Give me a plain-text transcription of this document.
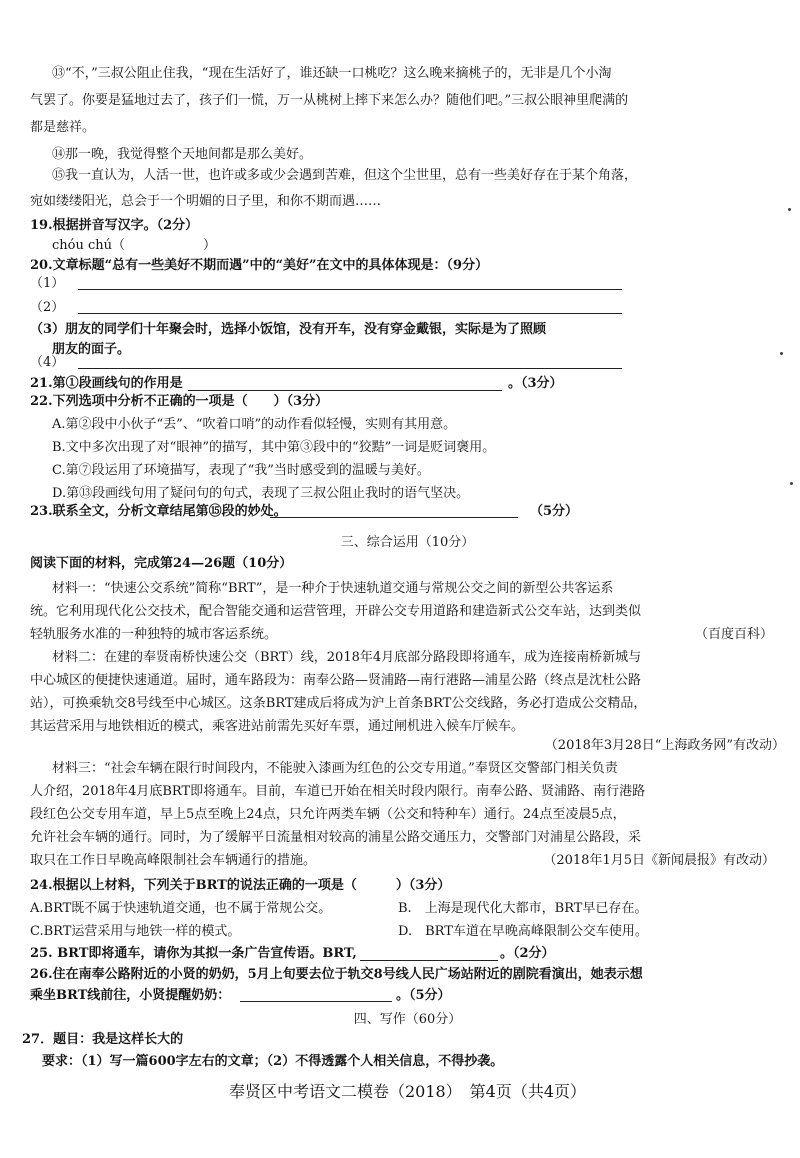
⑬“不，”三叔公阻止住我，“现在生活好了，谁还缺一口桃吃？这么晚来摘桃子的，无非是几个小淘
气罢了。你要是猛地过去了，孩子们一慌，万一从桃树上摔下来怎么办？随他们吧。”三叔公眼神里爬满的
都是慈祥。
⑭那一晚，我觉得整个天地间都是那么美好。
⑮我一直认为，人活一世，也许或多或少会遇到苦难，但这个尘世里，总有一些美好存在于某个角落，
宛如缕缕阳光，总会于一个明媚的日子里，和你不期而遇……
19.根据拼音写汉字。（2分）
chóu chú（　　　　　　）
20.文章标题“总有一些美好不期而遇”中的“美好”在文中的具体体现是：（9分）
（1）
（2）
（3）朋友的同学们十年聚会时，选择小饭馆，没有开车，没有穿金戴银，实际是为了照顾
朋友的面子。
（4）
21.第①段画线句的作用是	。（3分）
22.下列选项中分析不正确的一项是（　　）（3分）
A.第②段中小伙子“丢”、“吹着口哨”的动作看似轻慢，实则有其用意。
B.文中多次出现了对“眼神”的描写，其中第③段中的“狡黠”一词是贬词褒用。
C.第⑦段运用了环境描写，表现了“我”当时感受到的温暖与美好。
D.第⑬段画线句用了疑问句的句式，表现了三叔公阻止我时的语气坚决。
23.联系全文，分析文章结尾第⑮段的妙处。	（5分）
三、综合运用（10分）
阅读下面的材料，完成第24—26题（10分）
材料一：“快速公交系统”简称“BRT”，是一种介于快速轨道交通与常规公交之间的新型公共客运系
统。它利用现代化公交技术，配合智能交通和运营管理，开辟公交专用道路和建造新式公交车站，达到类似
轻轨服务水准的一种独特的城市客运系统。	（百度百科）
材料二：在建的奉贤南桥快速公交（BRT）线，2018年4月底部分路段即将通车，成为连接南桥新城与
中心城区的便捷快速通道。届时，通车路段为：南奉公路—贤浦路—南行港路—浦星公路（终点是沈杜公路
站），可换乘轨交8号线至中心城区。这条BRT建成后将成为沪上首条BRT公交线路，务必打造成公交精品，
其运营采用与地铁相近的模式，乘客进站前需先买好车票，通过闸机进入候车厅候车。
（2018年3月28日“上海政务网”有改动）
材料三：“社会车辆在限行时间段内，不能驶入漆画为红色的公交专用道。”奉贤区交警部门相关负责
人介绍，2018年4月底BRT即将通车。目前，车道已开始在相关时段内限行。南奉公路、贤浦路、南行港路
段红色公交专用车道，早上5点至晚上24点，只允许两类车辆（公交和特种车）通行。24点至凌晨5点，
允许社会车辆的通行。同时，为了缓解平日流量相对较高的浦星公路交通压力，交警部门对浦星公路段，采
取只在工作日早晚高峰限制社会车辆通行的措施。	（2018年1月5日《新闻晨报》有改动）
24.根据以上材料，下列关于BRT的说法正确的一项是（　　　）（3分）
A.BRT既不属于快速轨道交通，也不属于常规公交。	B.　上海是现代化大都市，BRT早已存在。
C.BRT运营采用与地铁一样的模式。	D.　BRT车道在早晚高峰限制公交车使用。
25. BRT即将通车，请你为其拟一条广告宣传语。BRT,	。（2分）
26.住在南奉公路附近的小贤的奶奶，5月上旬要去位于轨交8号线人民广场站附近的剧院看演出，她表示想
乘坐BRT线前往，小贤提醒奶奶：	。（5分）
四、写作（60分）
27．题目：我是这样长大的
要求：（1）写一篇600字左右的文章；（2）不得透露个人相关信息，不得抄袭。
奉贤区中考语文二模卷（2018）　第4页（共4页）
